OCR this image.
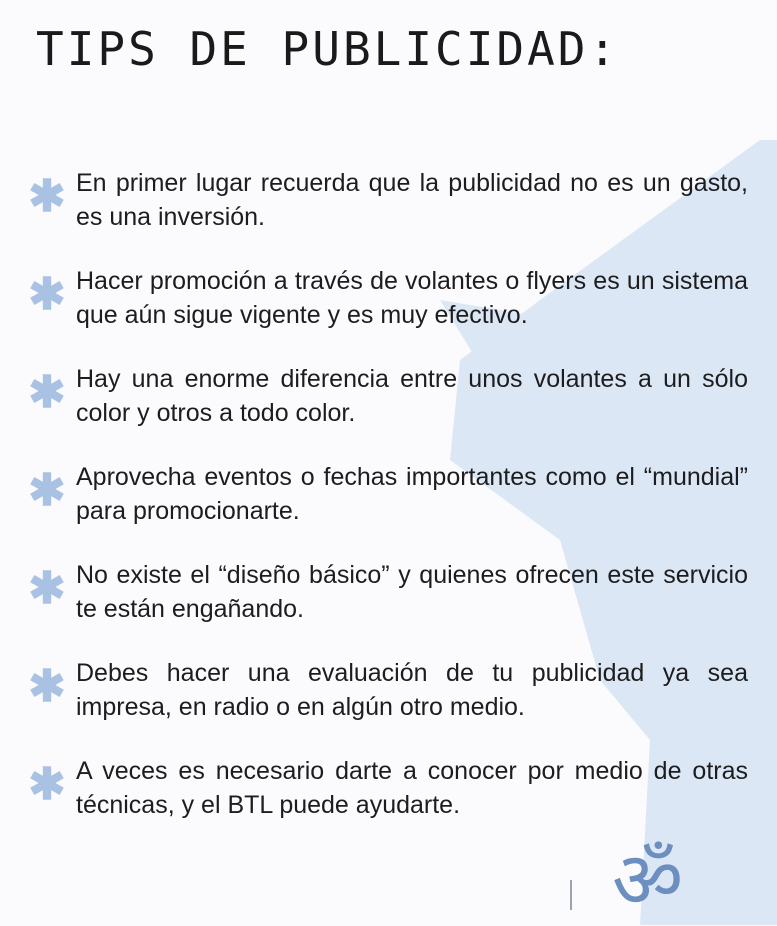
TIPS DE PUBLICIDAD:
En primer lugar recuerda que la publicidad no es un gasto, es una inversión.
Hacer promoción a través de volantes o flyers es un sistema que aún sigue vigente y es muy efectivo.
Hay una enorme diferencia entre unos volantes a un sólo color y otros a todo color.
Aprovecha eventos o fechas importantes como el “mundial” para promocionarte.
No existe el “diseño básico” y quienes ofrecen este servicio te están engañando.
Debes hacer una evaluación de tu publicidad ya sea impresa, en radio o en algún otro medio.
A veces es necesario darte a conocer por medio de otras técnicas, y el BTL puede ayudarte.
ॐ
